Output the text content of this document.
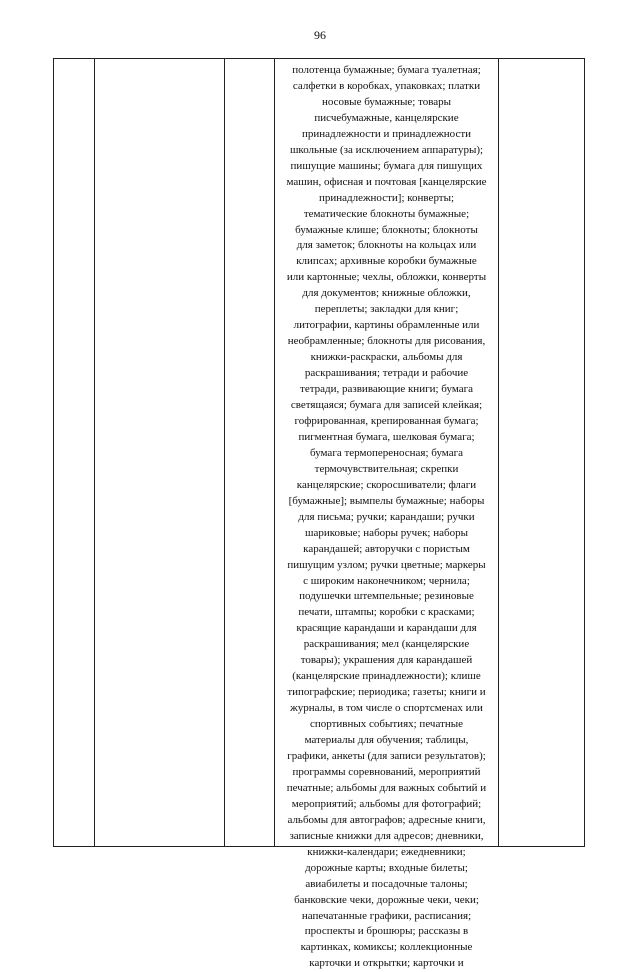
96
полотенца бумажные; бумага туалетная;
салфетки в коробках, упаковках; платки
носовые бумажные; товары
писчебумажные, канцелярские
принадлежности и принадлежности
школьные (за исключением аппаратуры);
пишущие машины; бумага для пишущих
машин, офисная и почтовая [канцелярские
принадлежности]; конверты;
тематические блокноты бумажные;
бумажные клише; блокноты; блокноты
для заметок; блокноты на кольцах или
клипсах; архивные коробки бумажные
или картонные; чехлы, обложки, конверты
для документов; книжные обложки,
переплеты; закладки для книг;
литографии, картины обрамленные или
необрамленные; блокноты для рисования,
книжки-раскраски, альбомы для
раскрашивания; тетради и рабочие
тетради, развивающие книги; бумага
светящаяся; бумага для записей клейкая;
гофрированная, крепированная бумага;
пигментная бумага, шелковая бумага;
бумага термопереносная; бумага
термочувствительная; скрепки
канцелярские; скоросшиватели; флаги
[бумажные]; вымпелы бумажные; наборы
для письма; ручки; карандаши; ручки
шариковые; наборы ручек; наборы
карандашей; авторучки с пористым
пишущим узлом; ручки цветные; маркеры
с широким наконечником; чернила;
подушечки штемпельные; резиновые
печати, штампы; коробки с красками;
красящие карандаши и карандаши для
раскрашивания; мел (канцелярские
товары); украшения для карандашей
(канцелярские принадлежности); клише
типографские; периодика; газеты; книги и
журналы, в том числе о спортсменах или
спортивных событиях; печатные
материалы для обучения; таблицы,
графики, анкеты (для записи результатов);
программы соревнований, мероприятий
печатные; альбомы для важных событий и
мероприятий; альбомы для фотографий;
альбомы для автографов; адресные книги,
записные книжки для адресов; дневники,
книжки-календари; ежедневники;
дорожные карты; входные билеты;
авиабилеты и посадочные талоны;
банковские чеки, дорожные чеки, чеки;
напечатанные графики, расписания;
проспекты и брошюры; рассказы в
картинках, комиксы; коллекционные
карточки и открытки; карточки и
